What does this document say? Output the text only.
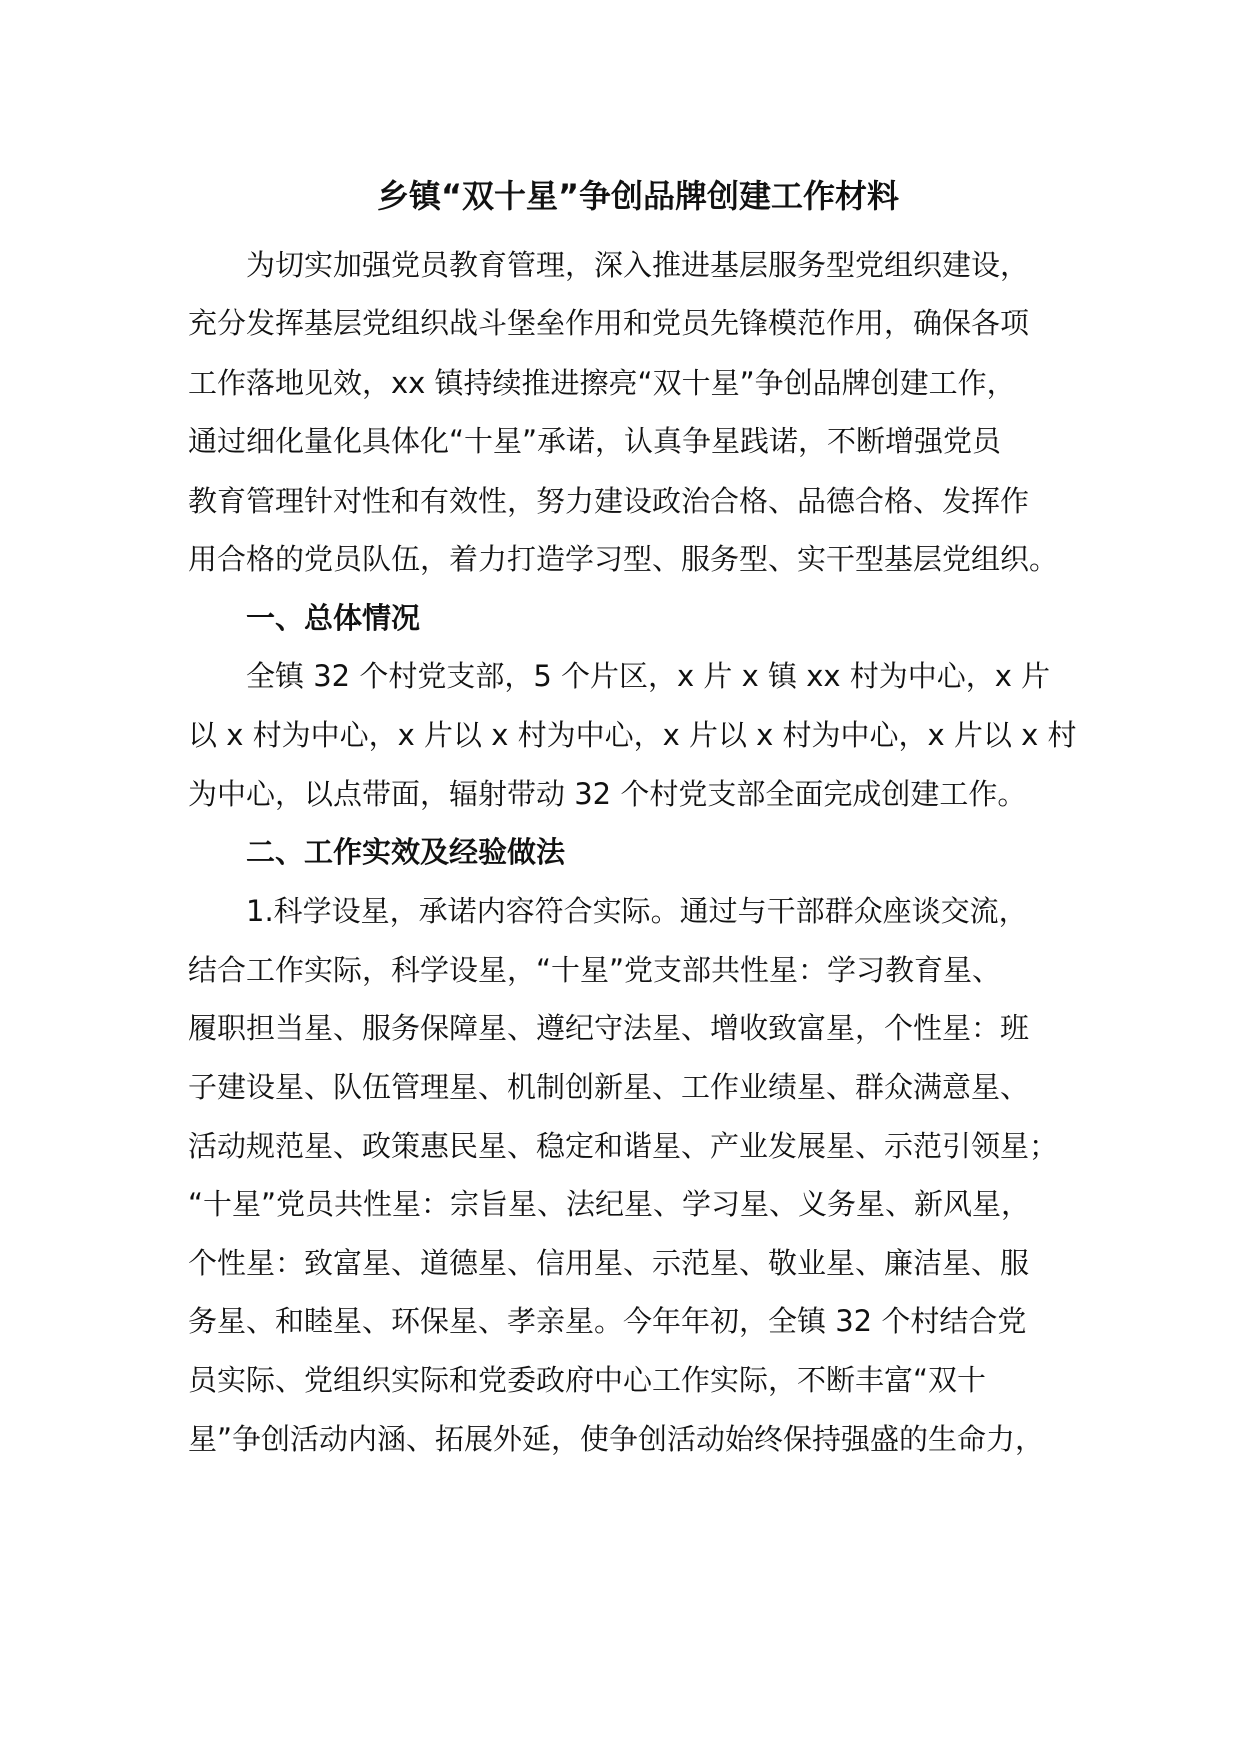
乡镇“双十星”争创品牌创建工作材料
为切实加强党员教育管理，深入推进基层服务型党组织建设，
充分发挥基层党组织战斗堡垒作用和党员先锋模范作用，确保各项
工作落地见效，xx 镇持续推进擦亮“双十星”争创品牌创建工作，
通过细化量化具体化“十星”承诺，认真争星践诺，不断增强党员
教育管理针对性和有效性，努力建设政治合格、品德合格、发挥作
用合格的党员队伍，着力打造学习型、服务型、实干型基层党组织。
一、总体情况
全镇 32 个村党支部，5 个片区，x 片 x 镇 xx 村为中心，x 片
以 x 村为中心，x 片以 x 村为中心，x 片以 x 村为中心，x 片以 x 村
为中心，以点带面，辐射带动 32 个村党支部全面完成创建工作。
二、工作实效及经验做法
1.科学设星，承诺内容符合实际。通过与干部群众座谈交流，
结合工作实际，科学设星，“十星”党支部共性星：学习教育星、
履职担当星、服务保障星、遵纪守法星、增收致富星，个性星：班
子建设星、队伍管理星、机制创新星、工作业绩星、群众满意星、
活动规范星、政策惠民星、稳定和谐星、产业发展星、示范引领星；
“十星”党员共性星：宗旨星、法纪星、学习星、义务星、新风星，
个性星：致富星、道德星、信用星、示范星、敬业星、廉洁星、服
务星、和睦星、环保星、孝亲星。今年年初，全镇 32 个村结合党
员实际、党组织实际和党委政府中心工作实际，不断丰富“双十
星”争创活动内涵、拓展外延，使争创活动始终保持强盛的生命力，
